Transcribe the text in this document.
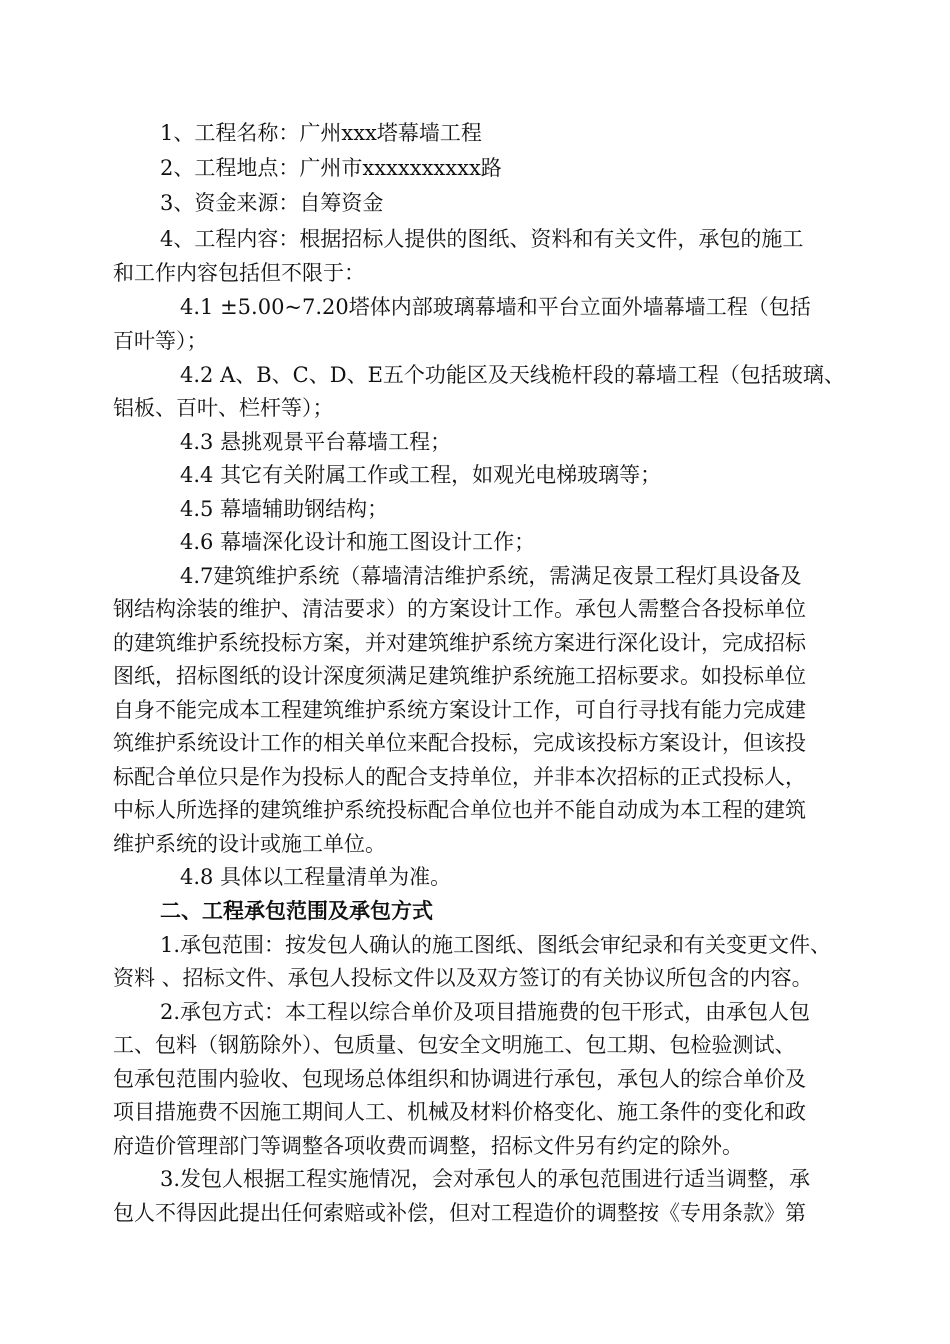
1、工程名称：广州xxx塔幕墙工程
2、工程地点：广州市xxxxxxxxxx路
3、资金来源：自筹资金
4、工程内容：根据招标人提供的图纸、资料和有关文件，承包的施工
和工作内容包括但不限于：
4.1 ±5.00~7.20塔体内部玻璃幕墙和平台立面外墙幕墙工程（包括
百叶等）；
4.2 A、B、C、D、E五个功能区及天线桅杆段的幕墙工程（包括玻璃、
铝板、百叶、栏杆等）；
4.3 悬挑观景平台幕墙工程；
4.4 其它有关附属工作或工程，如观光电梯玻璃等；
4.5 幕墙辅助钢结构；
4.6 幕墙深化设计和施工图设计工作；
4.7建筑维护系统（幕墙清洁维护系统，需满足夜景工程灯具设备及
钢结构涂装的维护、清洁要求）的方案设计工作。承包人需整合各投标单位
的建筑维护系统投标方案，并对建筑维护系统方案进行深化设计，完成招标
图纸，招标图纸的设计深度须满足建筑维护系统施工招标要求。如投标单位
自身不能完成本工程建筑维护系统方案设计工作，可自行寻找有能力完成建
筑维护系统设计工作的相关单位来配合投标，完成该投标方案设计，但该投
标配合单位只是作为投标人的配合支持单位，并非本次招标的正式投标人，
中标人所选择的建筑维护系统投标配合单位也并不能自动成为本工程的建筑
维护系统的设计或施工单位。
4.8 具体以工程量清单为准。
二、工程承包范围及承包方式
1.承包范围：按发包人确认的施工图纸、图纸会审纪录和有关变更文件、
资料 、招标文件、承包人投标文件以及双方签订的有关协议所包含的内容。
2.承包方式：本工程以综合单价及项目措施费的包干形式，由承包人包
工、包料（钢筋除外）、包质量、包安全文明施工、包工期、包检验测试、
包承包范围内验收、包现场总体组织和协调进行承包，承包人的综合单价及
项目措施费不因施工期间人工、机械及材料价格变化、施工条件的变化和政
府造价管理部门等调整各项收费而调整，招标文件另有约定的除外。
3.发包人根据工程实施情况，会对承包人的承包范围进行适当调整，承
包人不得因此提出任何索赔或补偿，但对工程造价的调整按《专用条款》第
